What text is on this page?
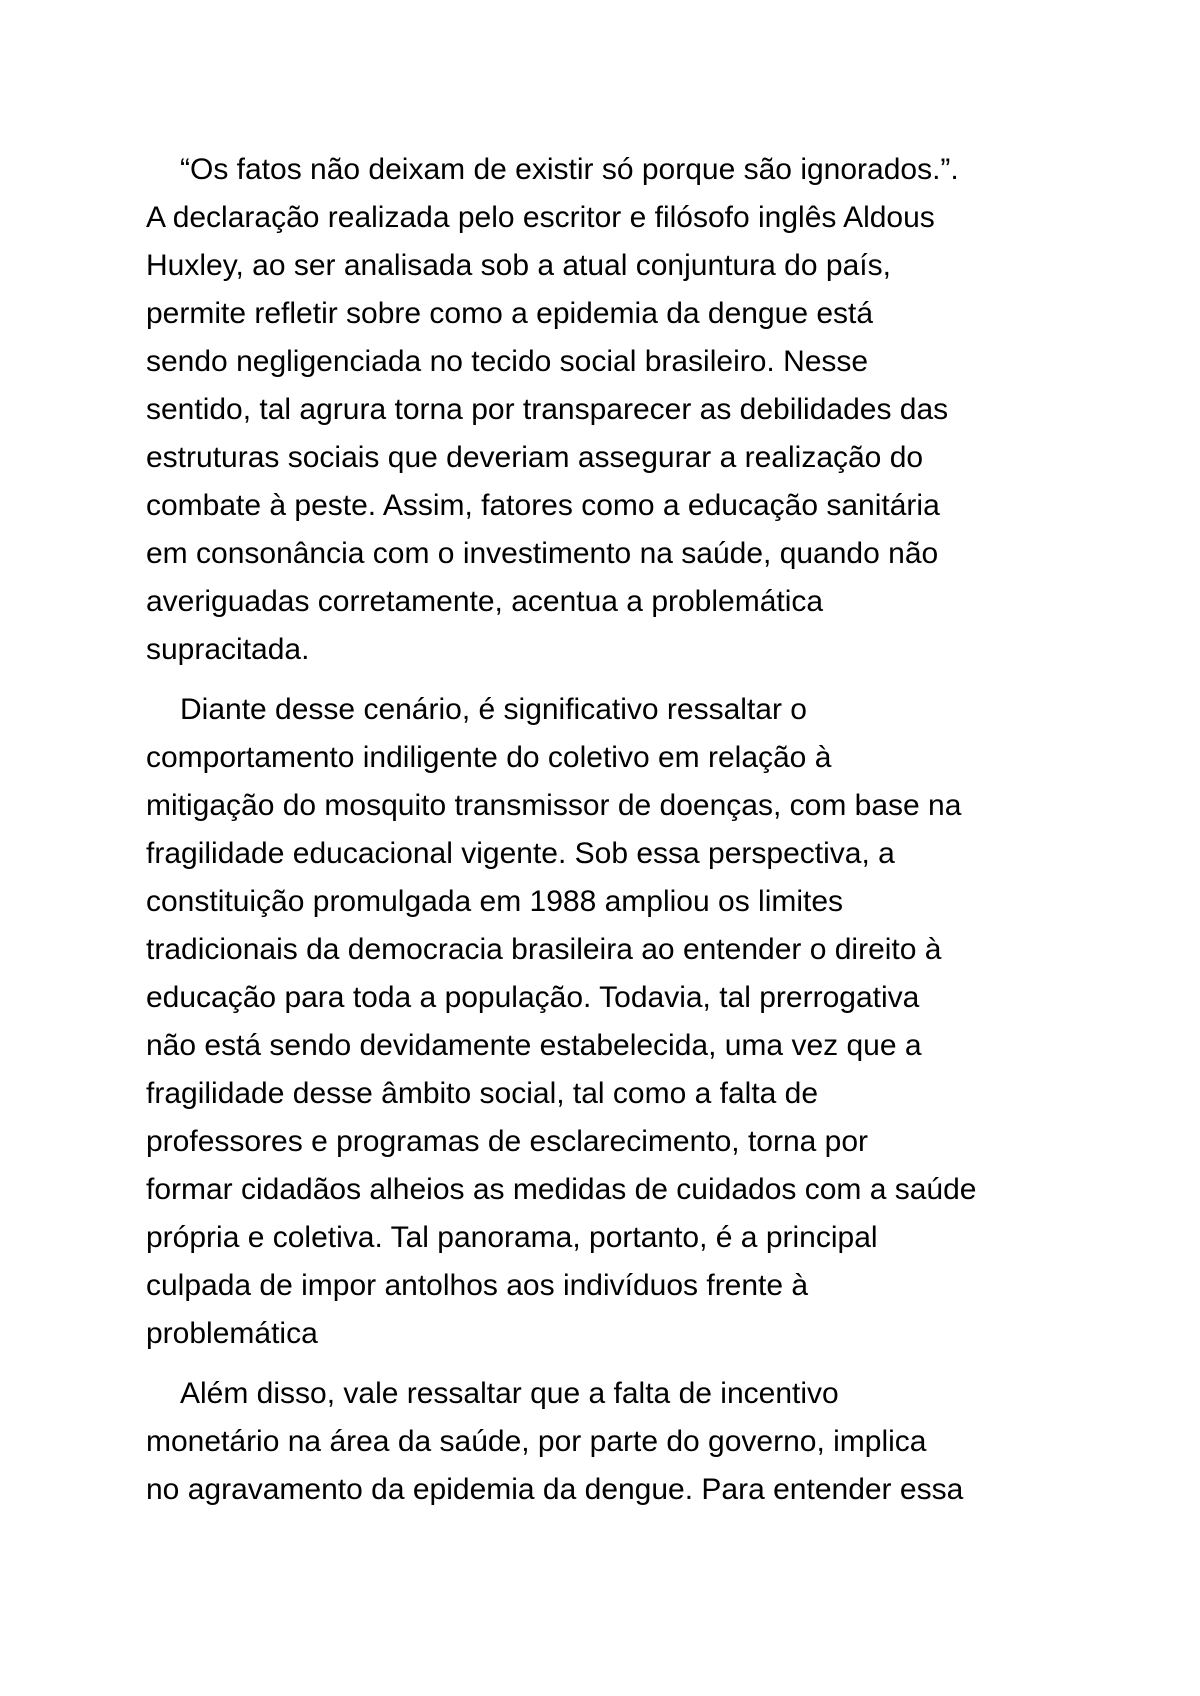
“Os fatos não deixam de existir só porque são ignorados.”.
A declaração realizada pelo escritor e filósofo inglês Aldous
Huxley, ao ser analisada sob a atual conjuntura do país,
permite refletir sobre como a epidemia da dengue está
sendo negligenciada no tecido social brasileiro. Nesse
sentido, tal agrura torna por transparecer as debilidades das
estruturas sociais que deveriam assegurar a realização do
combate à peste. Assim, fatores como a educação sanitária
em consonância com o investimento na saúde, quando não
averiguadas corretamente, acentua a problemática
supracitada.
Diante desse cenário, é significativo ressaltar o
comportamento indiligente do coletivo em relação à
mitigação do mosquito transmissor de doenças, com base na
fragilidade educacional vigente. Sob essa perspectiva, a
constituição promulgada em 1988 ampliou os limites
tradicionais da democracia brasileira ao entender o direito à
educação para toda a população. Todavia, tal prerrogativa
não está sendo devidamente estabelecida, uma vez que a
fragilidade desse âmbito social, tal como a falta de
professores e programas de esclarecimento, torna por
formar cidadãos alheios as medidas de cuidados com a saúde
própria e coletiva. Tal panorama, portanto, é a principal
culpada de impor antolhos aos indivíduos frente à
problemática
Além disso, vale ressaltar que a falta de incentivo
monetário na área da saúde, por parte do governo, implica
no agravamento da epidemia da dengue. Para entender essa
